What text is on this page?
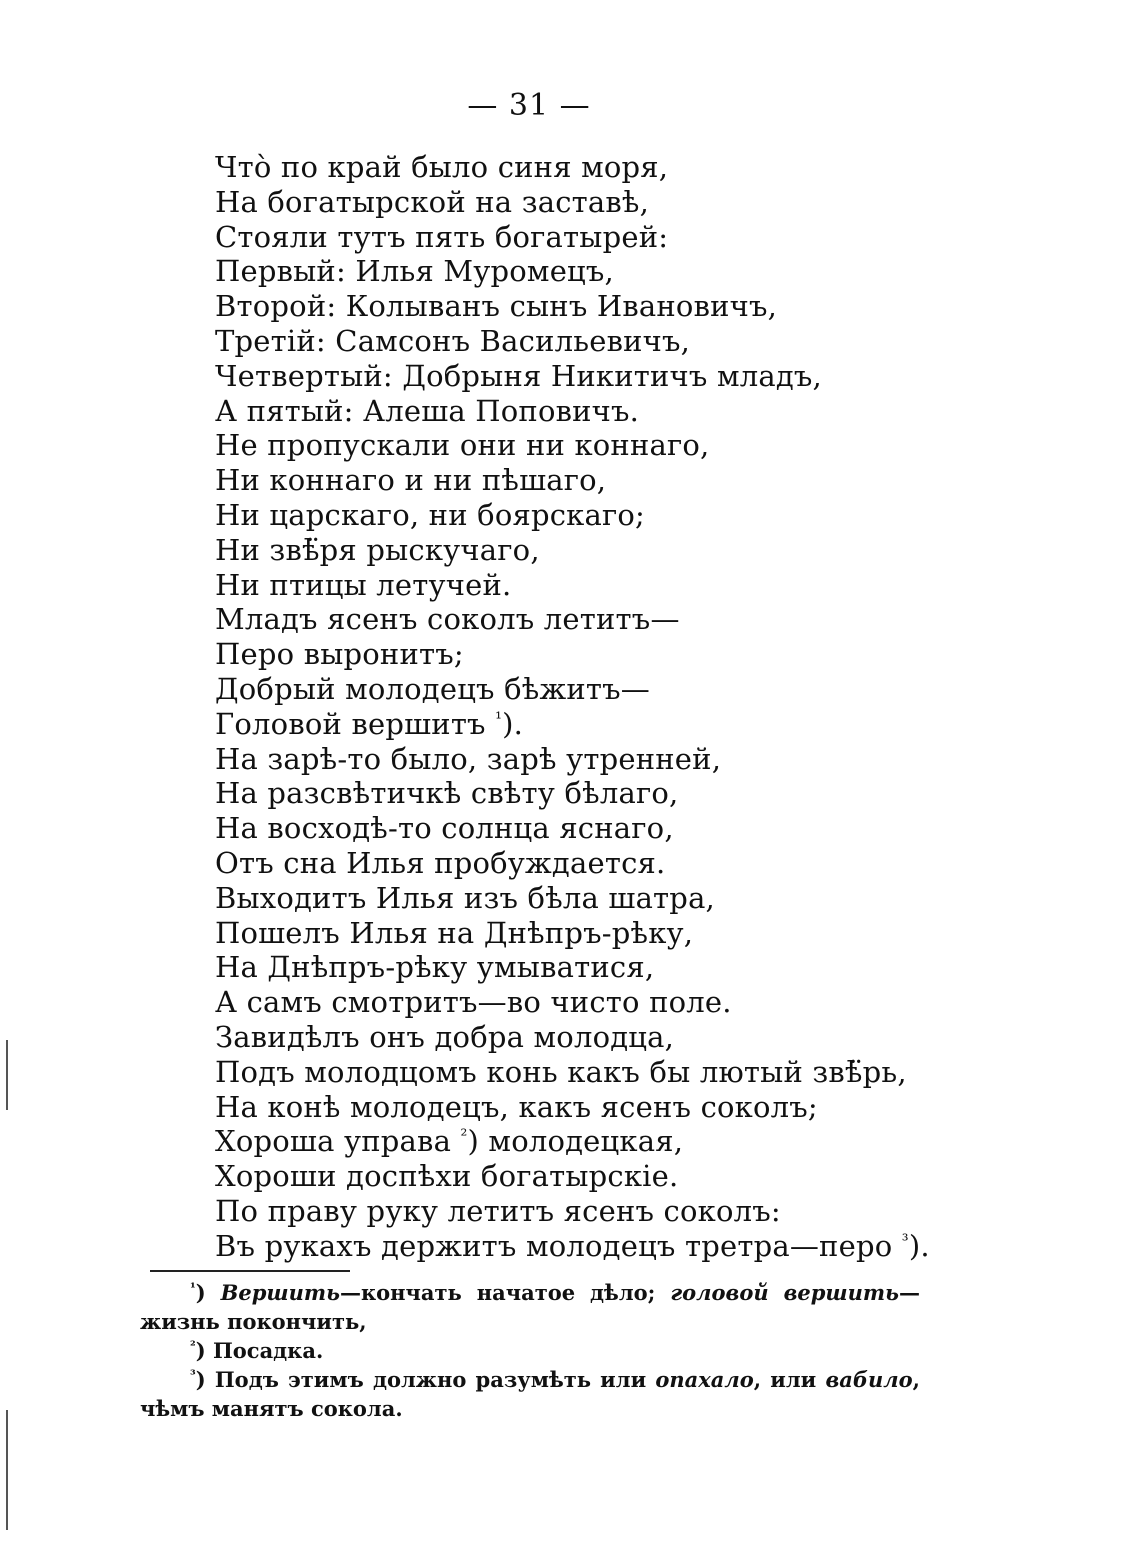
— 31 —
Что̀ по край было синя моря,
На богатырской на заставѣ,
Стояли тутъ пять богатырей:
Первый: Илья Муромецъ,
Второй: Колыванъ сынъ Ивановичъ,
Третій: Самсонъ Васильевичъ,
Четвертый: Добрыня Никитичъ младъ,
А пятый: Алеша Поповичъ.
Не пропускали они ни коннаго,
Ни коннаго и ни пѣшаго,
Ни царскаго, ни боярскаго;
Ни звѣ̈ря рыскучаго,
Ни птицы летучей.
Младъ ясенъ соколъ летитъ—
Перо выронитъ;
Добрый молодецъ бѣжитъ—
Головой вершитъ $^{^1}$).
На зарѣ-то было, зарѣ утренней,
На разсвѣтичкѣ свѣту бѣлаго,
На восходѣ-то солнца яснаго,
Отъ сна Илья пробуждается.
Выходитъ Илья изъ бѣла шатра,
Пошелъ Илья на Днѣпръ-рѣку,
На Днѣпръ-рѣку умыватися,
А самъ смотритъ—во чисто поле.
Завидѣлъ онъ добра молодца,
Подъ молодцомъ конь какъ бы лютый звѣ̈рь,
На конѣ молодецъ, какъ ясенъ соколъ;
Хороша управа $^{^2}$) молодецкая,
Хороши доспѣхи богатырскіе.
По праву руку летитъ ясенъ соколъ:
Въ рукахъ держитъ молодецъ третра—перо $^{^3}$).

$^{^1}$) Вершить—кончать начатое дѣло; головой вершить—жизнь покончить,

$^{^2}$) Посадка.

$^{^3}$) Подъ этимъ должно разумѣть или опахало, или вабило, чѣмъ манятъ сокола.
